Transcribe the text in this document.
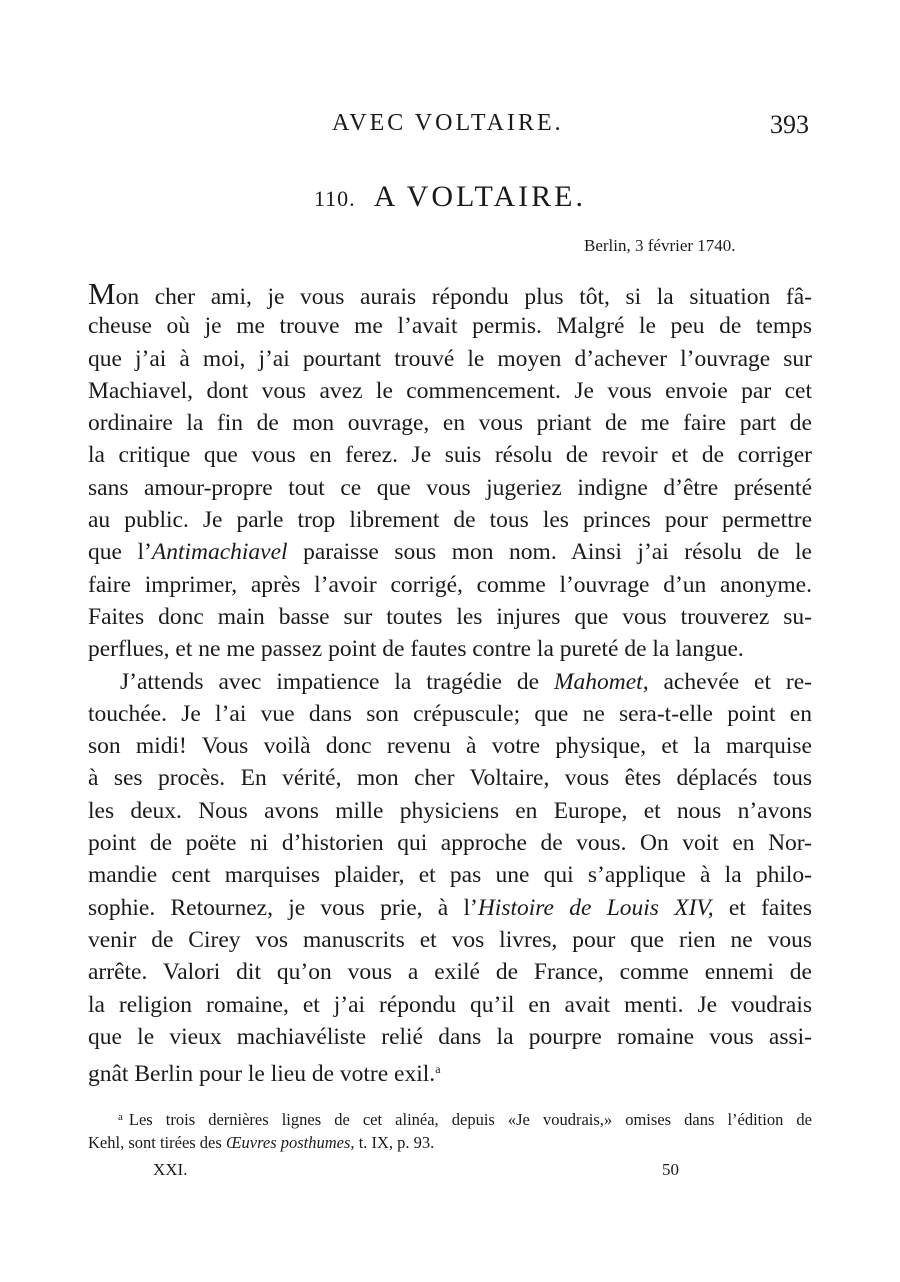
AVEC VOLTAIRE.	393
110. A VOLTAIRE.
Berlin, 3 février 1740.
Mon cher ami, je vous aurais répondu plus tôt, si la situation fâ-
cheuse où je me trouve me l’avait permis. Malgré le peu de temps
que j’ai à moi, j’ai pourtant trouvé le moyen d’achever l’ouvrage sur
Machiavel, dont vous avez le commencement. Je vous envoie par cet
ordinaire la fin de mon ouvrage, en vous priant de me faire part de
la critique que vous en ferez. Je suis résolu de revoir et de corriger
sans amour-propre tout ce que vous jugeriez indigne d’être présenté
au public. Je parle trop librement de tous les princes pour permettre
que l’Antimachiavel paraisse sous mon nom. Ainsi j’ai résolu de le
faire imprimer, après l’avoir corrigé, comme l’ouvrage d’un anonyme.
Faites donc main basse sur toutes les injures que vous trouverez su-
perflues, et ne me passez point de fautes contre la pureté de la langue.
J’attends avec impatience la tragédie de Mahomet, achevée et re-
touchée. Je l’ai vue dans son crépuscule; que ne sera-t-elle point en
son midi! Vous voilà donc revenu à votre physique, et la marquise
à ses procès. En vérité, mon cher Voltaire, vous êtes déplacés tous
les deux. Nous avons mille physiciens en Europe, et nous n’avons
point de poëte ni d’historien qui approche de vous. On voit en Nor-
mandie cent marquises plaider, et pas une qui s’applique à la philo-
sophie. Retournez, je vous prie, à l’Histoire de Louis XIV, et faites
venir de Cirey vos manuscrits et vos livres, pour que rien ne vous
arrête. Valori dit qu’on vous a exilé de France, comme ennemi de
la religion romaine, et j’ai répondu qu’il en avait menti. Je voudrais
que le vieux machiavéliste relié dans la pourpre romaine vous assi-
gnât Berlin pour le lieu de votre exil.$^a$
$^a$ Les trois dernières lignes de cet alinéa, depuis «Je voudrais,» omises dans l’édition de
Kehl, sont tirées des Œuvres posthumes, t. IX, p. 93.
XXI.	50
